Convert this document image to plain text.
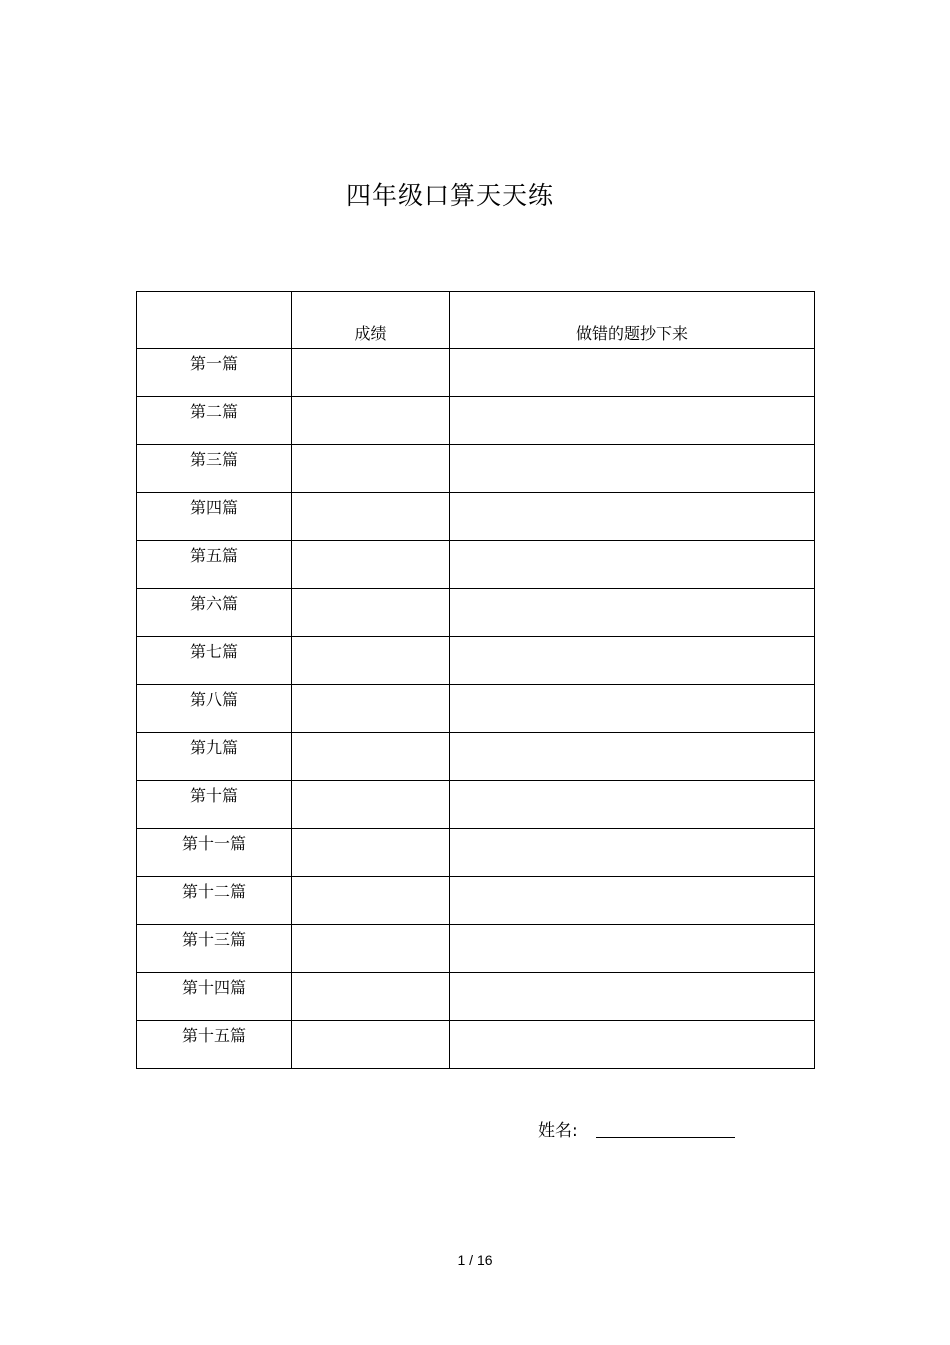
四年级口算天天练
	成绩	做错的题抄下来
第一篇		
第二篇		
第三篇		
第四篇		
第五篇		
第六篇		
第七篇		
第八篇		
第九篇		
第十篇		
第十一篇		
第十二篇		
第十三篇		
第十四篇		
第十五篇		
姓名:
1 / 16
